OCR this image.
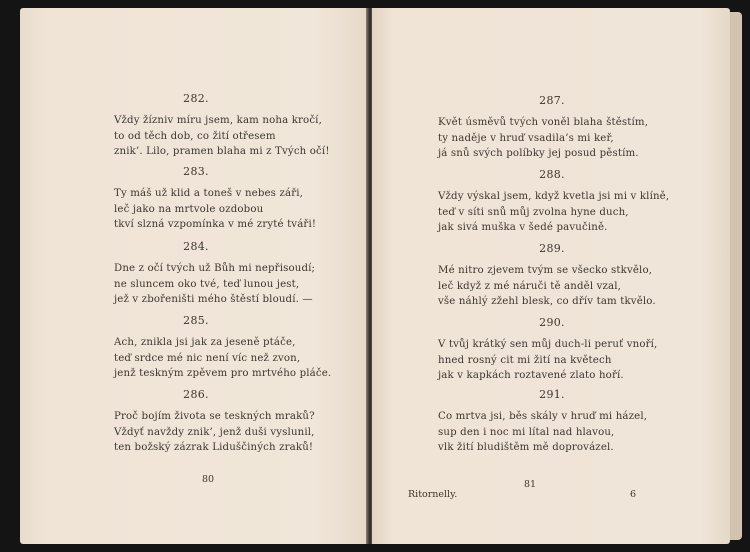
282.
Vždy žízniv míru jsem, kam noha kročí,
to od těch dob, co žití otřesem
znik’. Lilo, pramen blaha mi z Tvých očí!
283.
Ty máš už klid a toneš v nebes záři,
leč jako na mrtvole ozdobou
tkví slzná vzpomínka v mé zryté tváři!
284.
Dne z očí tvých už Bůh mi nepřisoudí;
ne sluncem oko tvé, teď lunou jest,
jež v zbořeništi mého štěstí bloudí. —
285.
Ach, znikla jsi jak za jeseně ptáče,
teď srdce mé nic není víc než zvon,
jenž teskným zpěvem pro mrtvého pláče.
286.
Proč bojím života se teskných mraků?
Vždyť navždy znik’, jenž duši vyslunil,
ten božský zázrak Liduščiných zraků!
80
287.
Květ úsměvů tvých voněl blaha štěstím,
ty naděje v hruď vsadila’s mi keř,
já snů svých políbky jej posud pěstím.
288.
Vždy výskal jsem, když kvetla jsi mi v klíně,
teď v síti snů můj zvolna hyne duch,
jak sivá muška v šedé pavučině.
289.
Mé nitro zjevem tvým se všecko stkvělo,
leč když z mé náruči tě anděl vzal,
vše náhlý zžehl blesk, co dřív tam tkvělo.
290.
V tvůj krátký sen můj duch-li peruť vnoří,
hned rosný cit mi žití na květech
jak v kapkách roztavené zlato hoří.
291.
Co mrtva jsi, běs skály v hruď mi házel,
sup den i noc mi lítal nad hlavou,
vlk žití bludištěm mě doprovázel.
Ritornelly.
81
6
